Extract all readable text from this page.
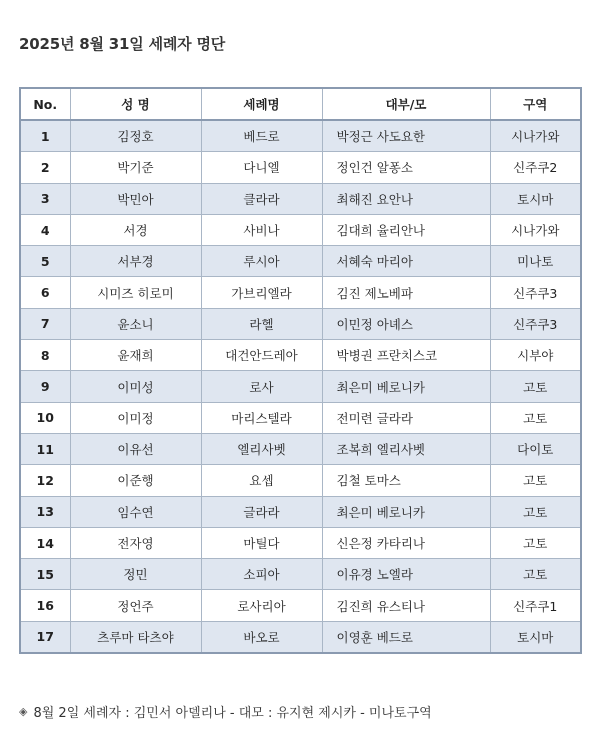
2025년 8월 31일 세례자 명단
No.	성 명	세례명	대부/모	구역
1	김정호	베드로	박정근 사도요한	시나가와
2	박기준	다니엘	정인건 알퐁소	신주쿠2
3	박민아	클라라	최해진 요안나	토시마
4	서경	사비나	김대희 율리안나	시나가와
5	서부경	루시아	서혜숙 마리아	미나토
6	시미즈 히로미	가브리엘라	김진 제노베파	신주쿠3
7	윤소니	라헬	이민정 아녜스	신주쿠3
8	윤재희	대건안드레아	박병권 프란치스코	시부야
9	이미성	로사	최은미 베로니카	고토
10	이미정	마리스텔라	전미련 글라라	고토
11	이유선	엘리사벳	조복희 엘리사벳	다이토
12	이준행	요셉	김철 토마스	고토
13	임수연	글라라	최은미 베로니카	고토
14	전자영	마틸다	신은정 카타리나	고토
15	정민	소피아	이유경 노엘라	고토
16	정언주	로사리아	김진희 유스티나	신주쿠1
17	츠루마 타츠야	바오로	이영훈 베드로	토시마
◈ 8월 2일 세례자 : 김민서 아델리나 - 대모 : 유지현 제시카 - 미나토구역
